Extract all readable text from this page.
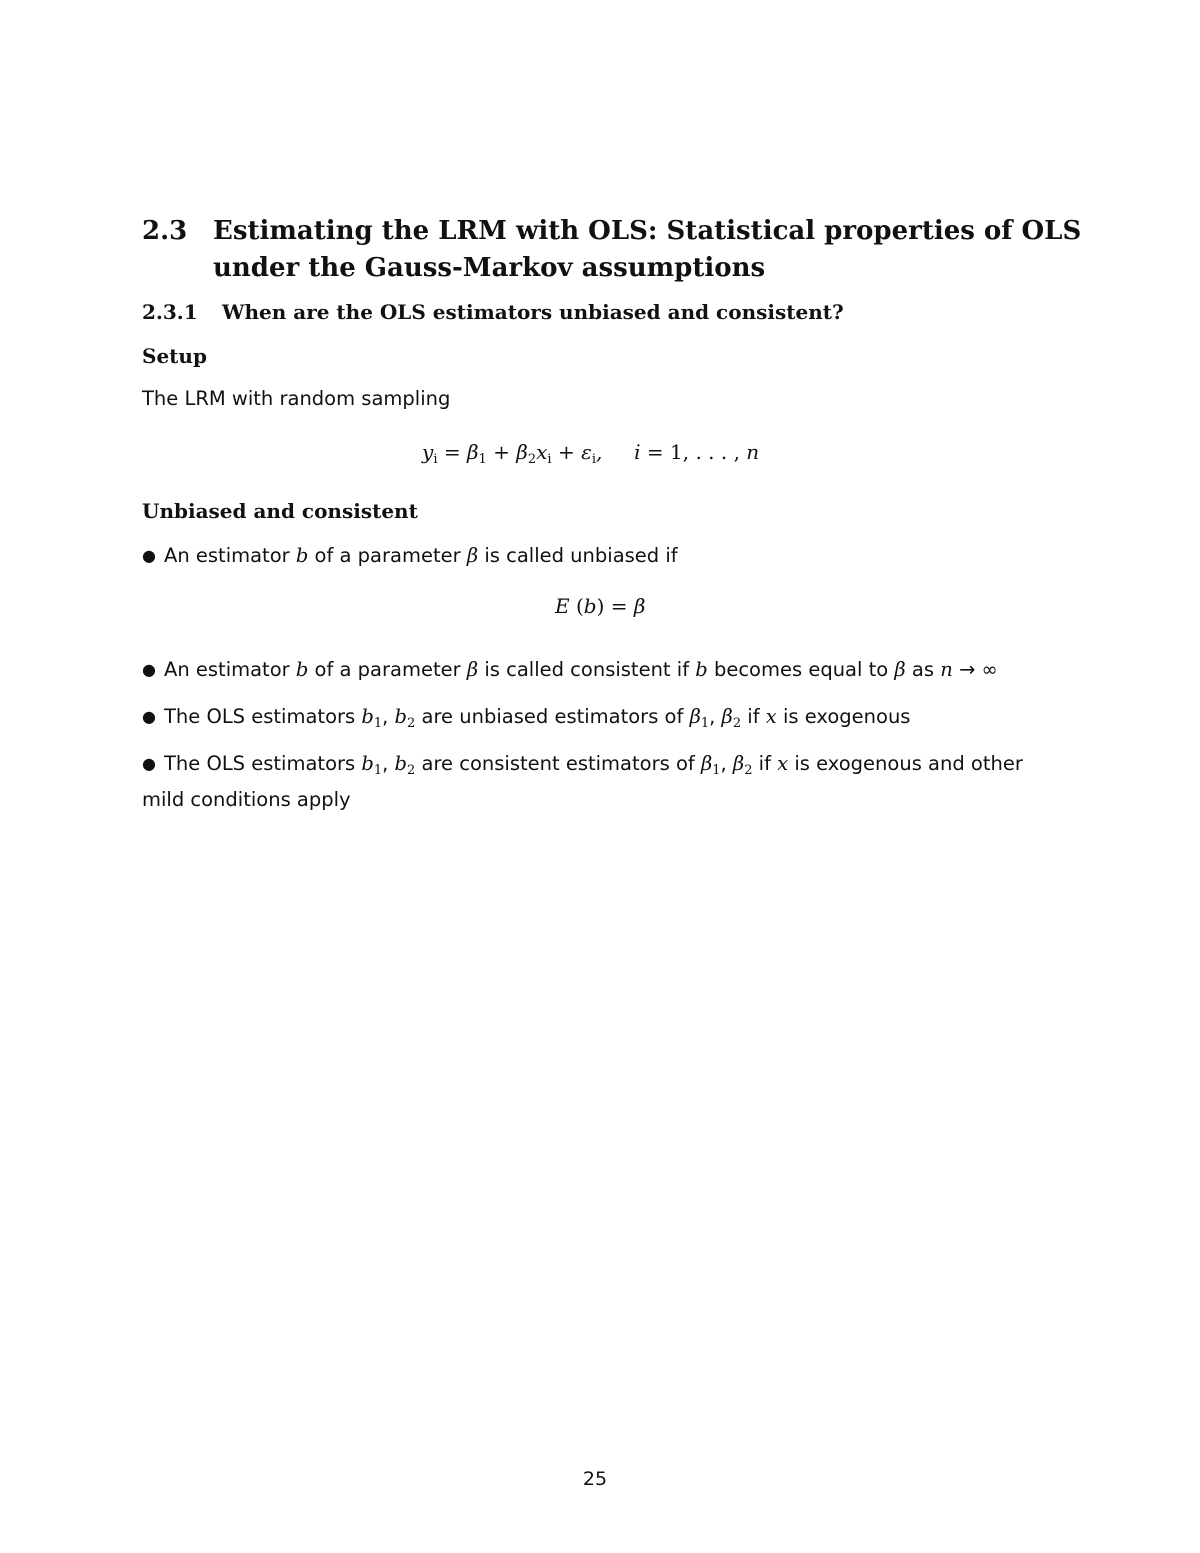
2.3 Estimating the LRM with OLS: Statistical properties of OLS under the Gauss-Markov assumptions
2.3.1 When are the OLS estimators unbiased and consistent?
Setup
The LRM with random sampling
$y_i = \beta_1 + \beta_2x_i + \varepsilon_i$,     i = 1, . . . , n
Unbiased and consistent
● An estimator b of a parameter β is called unbiased if
E (b) = β
● An estimator b of a parameter β is called consistent if b becomes equal to β as n → ∞
● The OLS estimators $b_1$, $b_2$ are unbiased estimators of $\beta_1$, $\beta_2$ if x is exogenous
● The OLS estimators $b_1$, $b_2$ are consistent estimators of $\beta_1$, $\beta_2$ if x is exogenous and other
mild conditions apply
25
